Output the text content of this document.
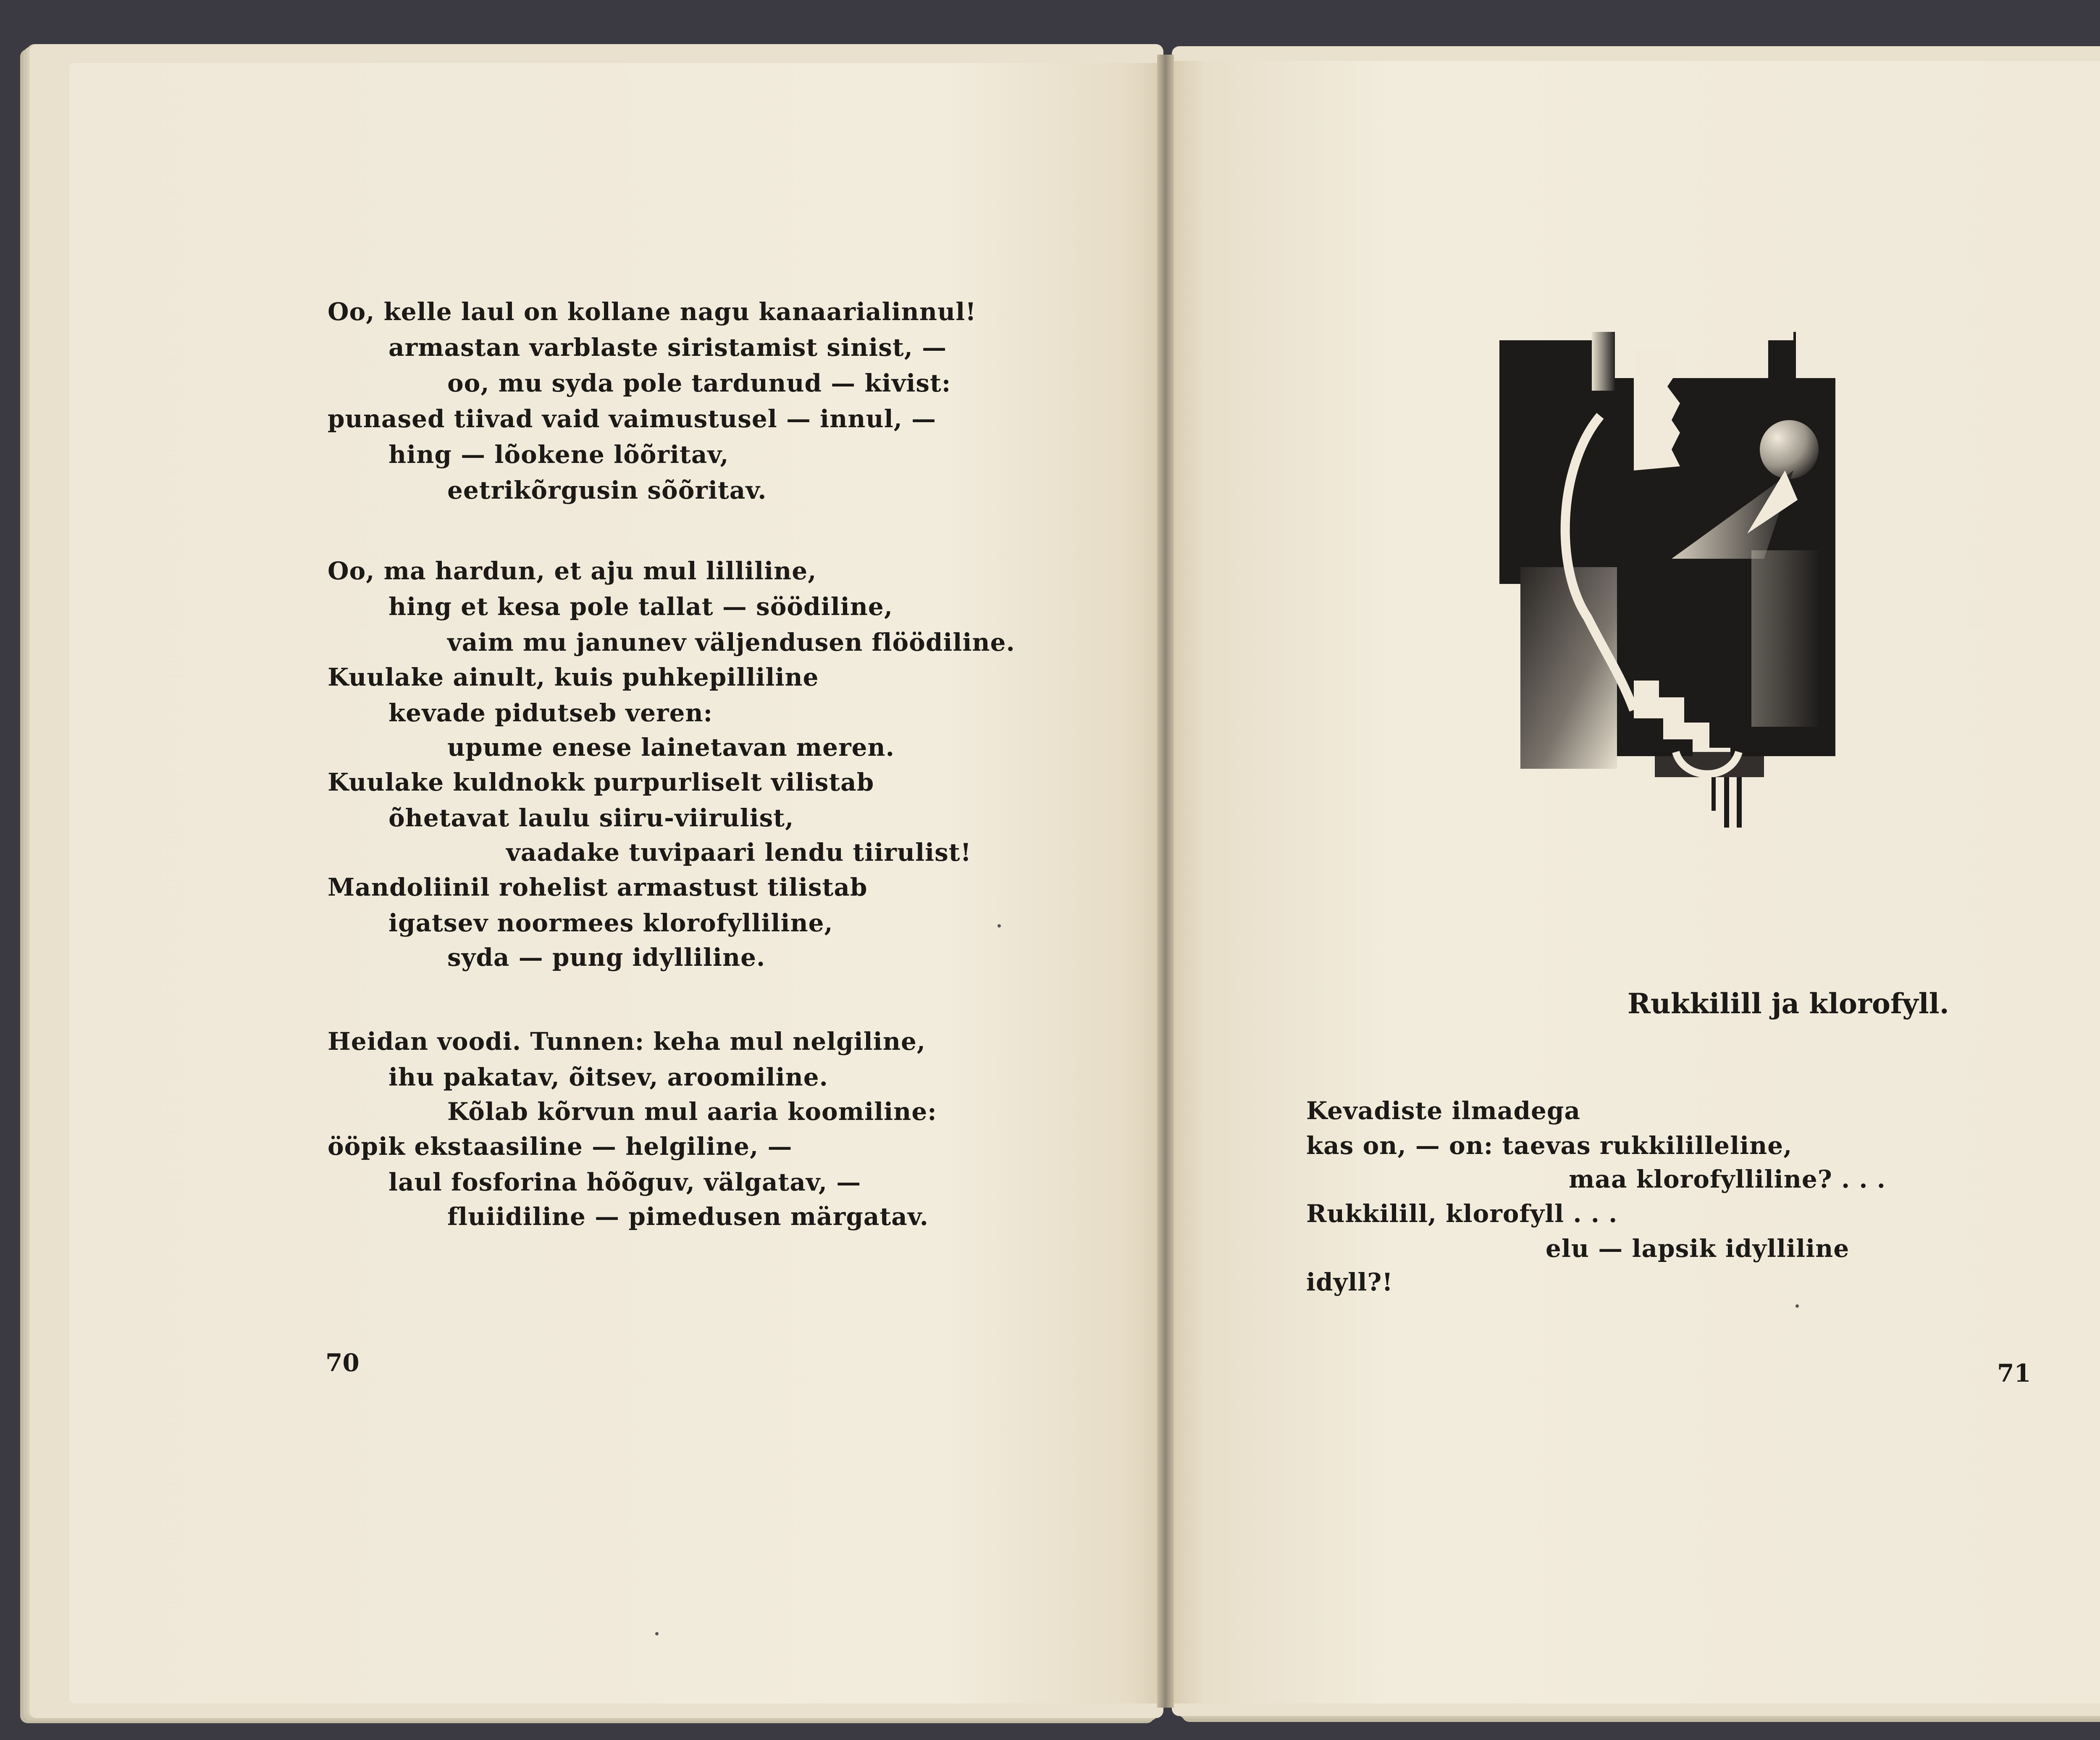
Oo, kelle laul on kollane nagu kanaarialinnul!
armastan varblaste siristamist sinist, —
oo, mu syda pole tardunud — kivist:
punased tiivad vaid vaimustusel — innul, —
hing — lõokene lõõritav,
eetrikõrgusin sõõritav.
Oo, ma hardun, et aju mul lilliline,
hing et kesa pole tallat — söödiline,
vaim mu janunev väljendusen flöödiline.
Kuulake ainult, kuis puhkepilliline
kevade pidutseb veren:
upume enese lainetavan meren.
Kuulake kuldnokk purpurliselt vilistab
õhetavat laulu siiru-viirulist,
vaadake tuvipaari lendu tiirulist!
Mandoliinil rohelist armastust tilistab
igatsev noormees klorofylliline,
syda — pung idylliline.
Heidan voodi. Tunnen: keha mul nelgiline,
ihu pakatav, õitsev, aroomiline.
Kõlab kõrvun mul aaria koomiline:
ööpik ekstaasiline — helgiline, —
laul fosforina hõõguv, välgatav, —
fluiidiline — pimedusen märgatav.
70
Rukkilill ja klorofyll.
Kevadiste ilmadega
kas on, — on: taevas rukkililleline,
maa klorofylliline? . . .
Rukkilill, klorofyll . . .
elu — lapsik idylliline
idyll?!
71
